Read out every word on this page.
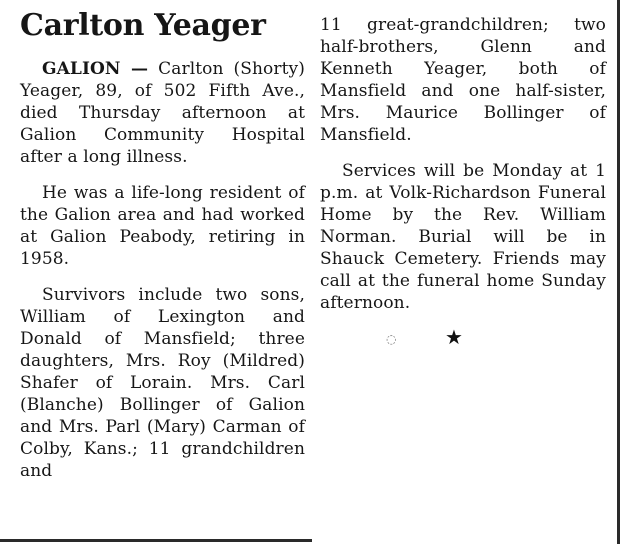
Carlton Yeager

GALION — Carlton (Shorty) Yeager, 89, of 502 Fifth Ave., died Thursday afternoon at Galion Community Hospital after a long illness.

He was a life-long resident of the Galion area and had worked at Galion Peabody, retiring in 1958.

Survivors include two sons, William of Lexington and Donald of Mansfield; three daughters, Mrs. Roy (Mildred) Shafer of Lorain. Mrs. Carl (Blanche) Bollinger of Galion and Mrs. Parl (Mary) Carman of Colby, Kans.; 11 grandchildren and

11 great-grandchildren; two half-brothers, Glenn and Kenneth Yeager, both of Mansfield and one half-sister, Mrs. Maurice Bollinger of Mansfield.

Services will be Monday at 1 p.m. at Volk-Richardson Funeral Home by the Rev. William Norman. Burial will be in Shauck Cemetery. Friends may call at the funeral home Sunday afternoon.

◌ ★
